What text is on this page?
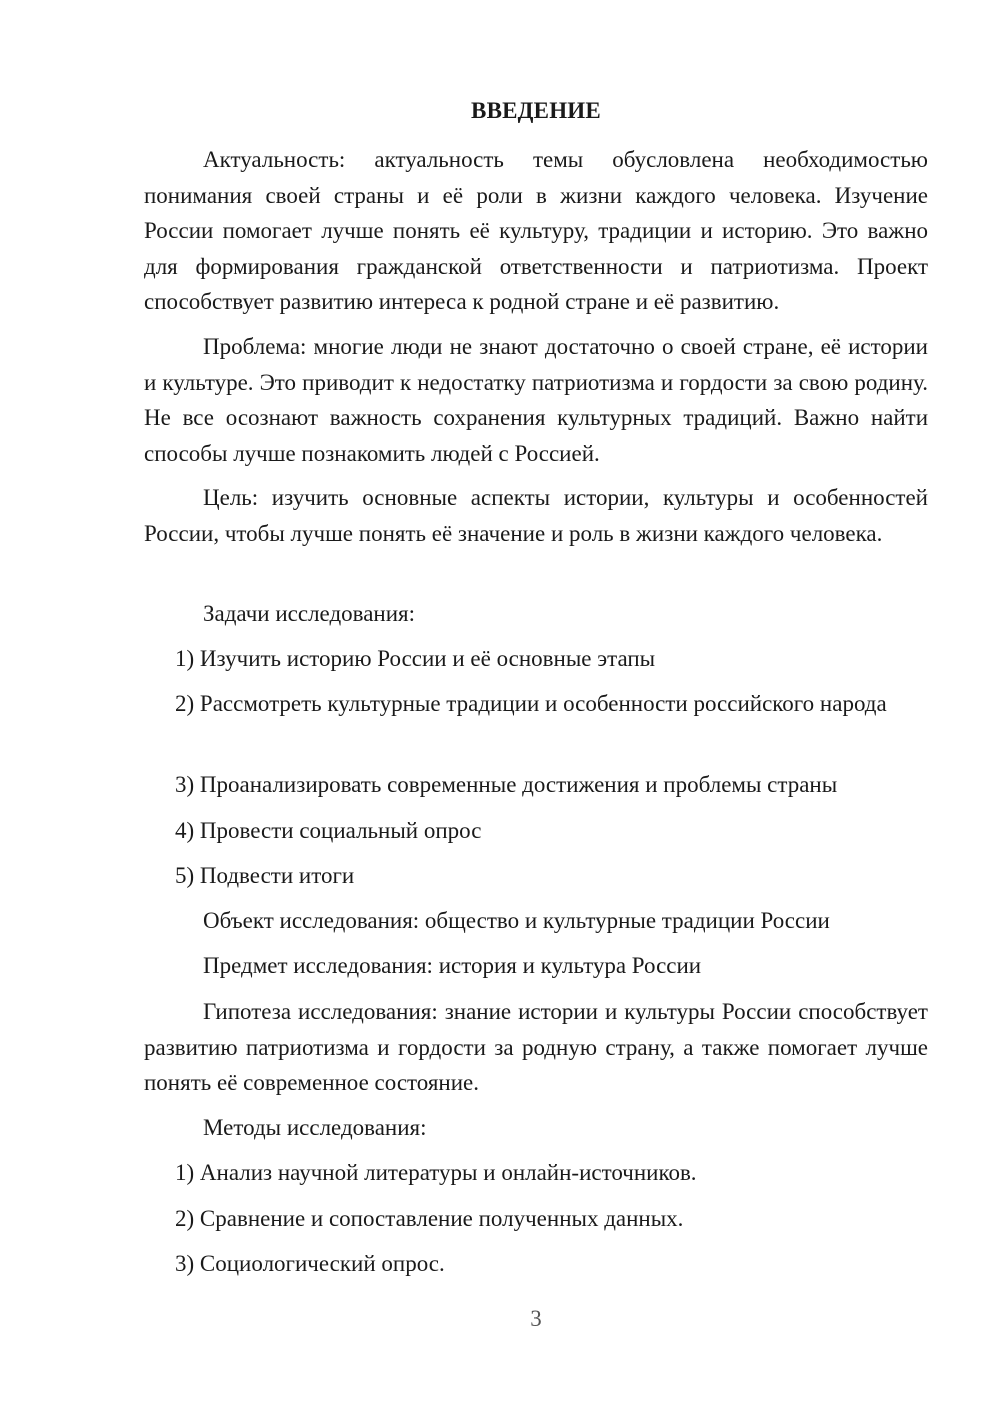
ВВЕДЕНИЕ

Актуальность: актуальность темы обусловлена необходимостью понимания своей страны и её роли в жизни каждого человека. Изучение России помогает лучше понять её культуру, традиции и историю. Это важно для формирования гражданской ответственности и патриотизма. Проект способствует развитию интереса к родной стране и её развитию.

Проблема: многие люди не знают достаточно о своей стране, её истории и культуре. Это приводит к недостатку патриотизма и гордости за свою родину. Не все осознают важность сохранения культурных традиций. Важно найти способы лучше познакомить людей с Россией.

Цель: изучить основные аспекты истории, культуры и особенностей России, чтобы лучше понять её значение и роль в жизни каждого человека.

Задачи исследования:

1) Изучить историю России и её основные этапы

2) Рассмотреть культурные традиции и особенности российского народа

3) Проанализировать современные достижения и проблемы страны

4) Провести социальный опрос

5) Подвести итоги

Объект исследования: общество и культурные традиции России

Предмет исследования: история и культура России

Гипотеза исследования: знание истории и культуры России способствует развитию патриотизма и гордости за родную страну, а также помогает лучше понять её современное состояние.

Методы исследования:

1) Анализ научной литературы и онлайн-источников.

2) Сравнение и сопоставление полученных данных.

3) Социологический опрос.

3
